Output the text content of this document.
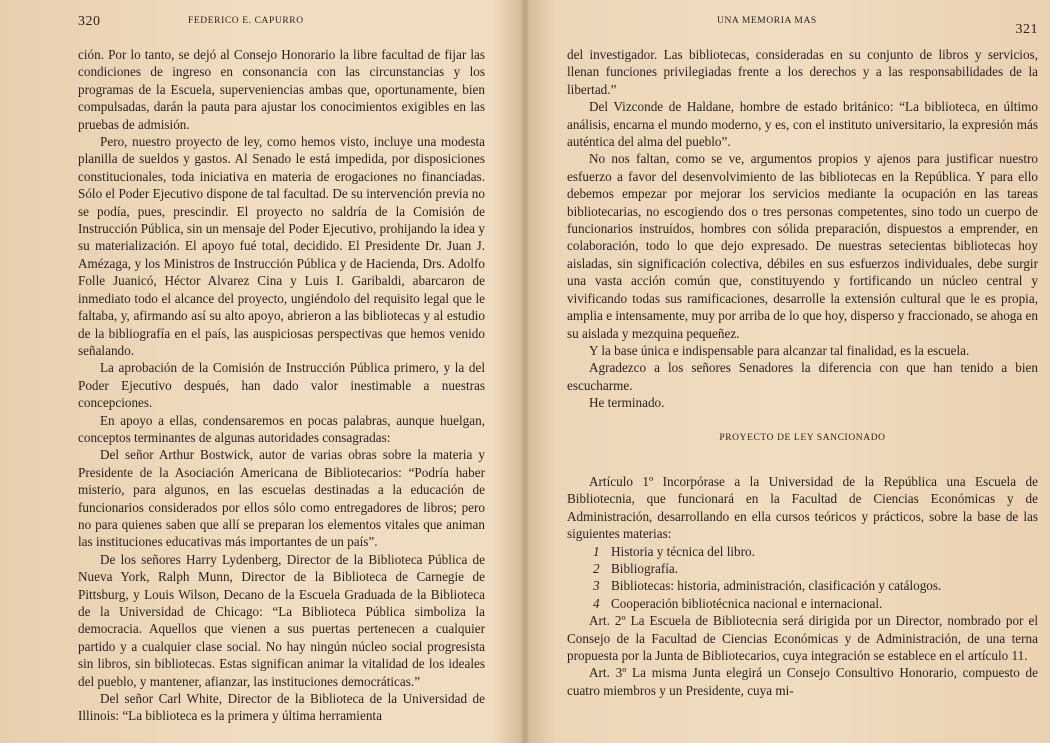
320	FEDERICO E. CAPURRO

ción. Por lo tanto, se dejó al Consejo Honorario la libre facultad de fijar las condiciones de ingreso en consonancia con las circunstancias y los programas de la Escuela, superveniencias ambas que, oportunamente, bien compulsadas, darán la pauta para ajustar los conocimientos exigibles en las pruebas de admisión.

Pero, nuestro proyecto de ley, como hemos visto, incluye una modesta planilla de sueldos y gastos. Al Senado le está impedida, por disposiciones constitucionales, toda iniciativa en materia de erogaciones no financiadas. Sólo el Poder Ejecutivo dispone de tal facultad. De su intervención previa no se podía, pues, prescindir. El proyecto no saldría de la Comisión de Instrucción Pública, sin un mensaje del Poder Ejecutivo, prohijando la idea y su materialización. El apoyo fué total, decidido. El Presidente Dr. Juan J. Amézaga, y los Ministros de Instrucción Pública y de Hacienda, Drs. Adolfo Folle Juanicó, Héctor Alvarez Cina y Luis I. Garibaldi, abarcaron de inmediato todo el alcance del proyecto, ungiéndolo del requisito legal que le faltaba, y, afirmando así su alto apoyo, abrieron a las bibliotecas y al estudio de la bibliografía en el país, las auspiciosas perspectivas que hemos venido señalando.

La aprobación de la Comisión de Instrucción Pública primero, y la del Poder Ejecutivo después, han dado valor inestimable a nuestras concepciones.

En apoyo a ellas, condensaremos en pocas palabras, aunque huelgan, conceptos terminantes de algunas autoridades consagradas:

Del señor Arthur Bostwick, autor de varias obras sobre la materia y Presidente de la Asociación Americana de Bibliotecarios: “Podría haber misterio, para algunos, en las escuelas destinadas a la educación de funcionarios considerados por ellos sólo como entregadores de libros; pero no para quienes saben que allí se preparan los elementos vitales que animan las instituciones educativas más importantes de un país”.

De los señores Harry Lydenberg, Director de la Biblioteca Pública de Nueva York, Ralph Munn, Director de la Biblioteca de Carnegie de Pittsburg, y Louis Wilson, Decano de la Escuela Graduada de la Biblioteca de la Universidad de Chicago: “La Biblioteca Pública simboliza la democracia. Aquellos que vienen a sus puertas pertenecen a cualquier partido y a cualquier clase social. No hay ningún núcleo social progresista sin libros, sin bibliotecas. Estas significan animar la vitalidad de los ideales del pueblo, y mantener, afianzar, las instituciones democráticas.”

Del señor Carl White, Director de la Biblioteca de la Universidad de Illinois: “La biblioteca es la primera y última herramienta

UNA MEMORIA MAS
321

del investigador. Las bibliotecas, consideradas en su conjunto de libros y servicios, llenan funciones privilegiadas frente a los derechos y a las responsabilidades de la libertad.”

Del Vizconde de Haldane, hombre de estado británico: “La biblioteca, en último análisis, encarna el mundo moderno, y es, con el instituto universitario, la expresión más auténtica del alma del pueblo”.

No nos faltan, como se ve, argumentos propios y ajenos para justificar nuestro esfuerzo a favor del desenvolvimiento de las bibliotecas en la República. Y para ello debemos empezar por mejorar los servicios mediante la ocupación en las tareas bibliotecarias, no escogiendo dos o tres personas competentes, sino todo un cuerpo de funcionarios instruídos, hombres con sólida preparación, dispuestos a emprender, en colaboración, todo lo que dejo expresado. De nuestras setecientas bibliotecas hoy aisladas, sin significación colectiva, débiles en sus esfuerzos individuales, debe surgir una vasta acción común que, constituyendo y fortificando un núcleo central y vivificando todas sus ramificaciones, desarrolle la extensión cultural que le es propia, amplia e intensamente, muy por arriba de lo que hoy, disperso y fraccionado, se ahoga en su aislada y mezquina pequeñez.

Y la base única e indispensable para alcanzar tal finalidad, es la escuela.

Agradezco a los señores Senadores la diferencia con que han tenido a bien escucharme.

He terminado.

PROYECTO DE LEY SANCIONADO

Artículo 1º Incorpórase a la Universidad de la República una Escuela de Bibliotecnia, que funcionará en la Facultad de Ciencias Económicas y de Administración, desarrollando en ella cursos teóricos y prácticos, sobre la base de las siguientes materias:

1 Historia y técnica del libro.
2 Bibliografía.
3 Bibliotecas: historia, administración, clasificación y catálogos.
4 Cooperación bibliotécnica nacional e internacional.

Art. 2º La Escuela de Bibliotecnia será dirigida por un Director, nombrado por el Consejo de la Facultad de Ciencias Económicas y de Administración, de una terna propuesta por la Junta de Bibliotecarios, cuya integración se establece en el artículo 11.

Art. 3º La misma Junta elegirá un Consejo Consultivo Honorario, compuesto de cuatro miembros y un Presidente, cuya mi-
